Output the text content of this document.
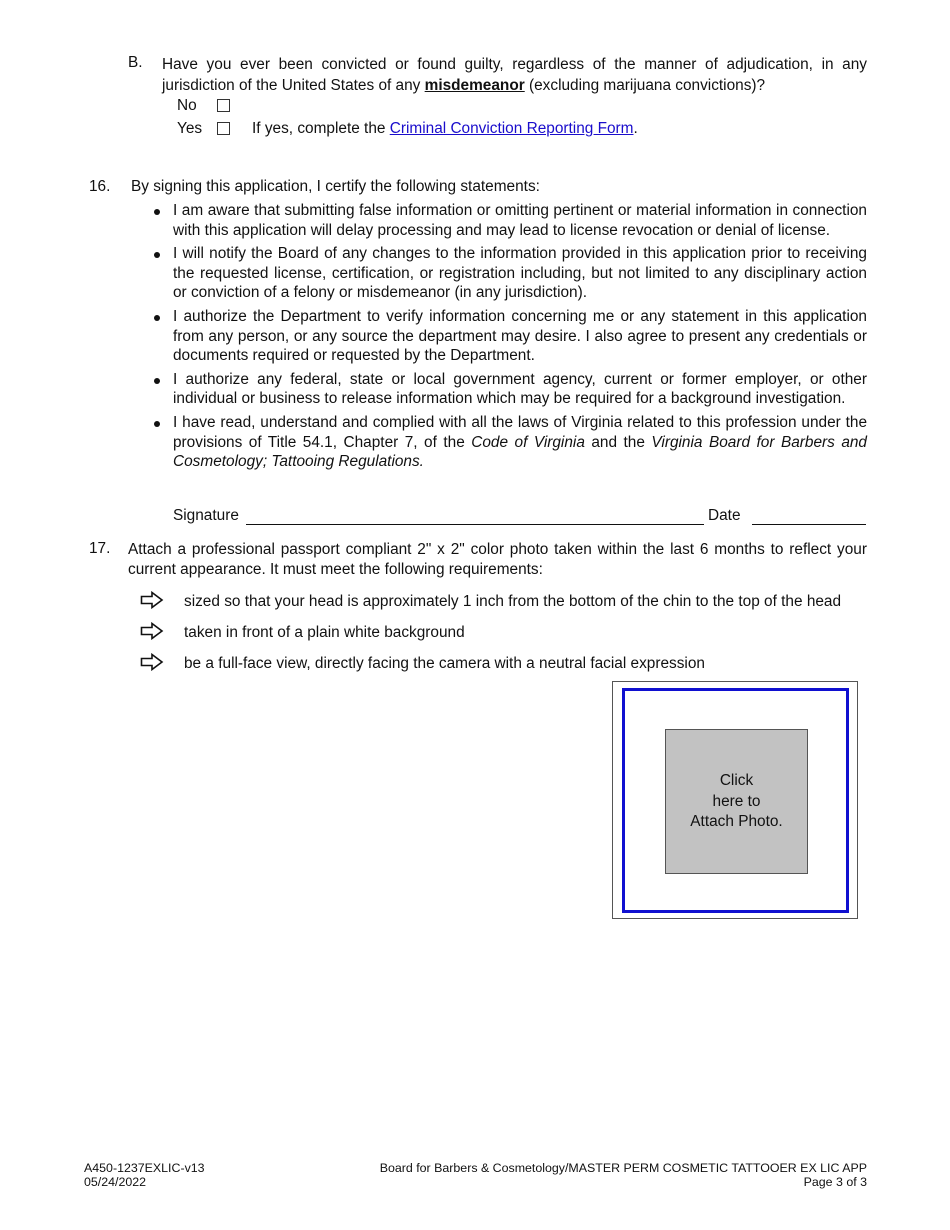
B. Have you ever been convicted or found guilty, regardless of the manner of adjudication, in any jurisdiction of the United States of any misdemeanor (excluding marijuana convictions)?
No
Yes	If yes, complete the Criminal Conviction Reporting Form.
16. By signing this application, I certify the following statements:
I am aware that submitting false information or omitting pertinent or material information in connection with this application will delay processing and may lead to license revocation or denial of license.
I will notify the Board of any changes to the information provided in this application prior to receiving the requested license, certification, or registration including, but not limited to any disciplinary action or conviction of a felony or misdemeanor (in any jurisdiction).
I authorize the Department to verify information concerning me or any statement in this application from any person, or any source the department may desire. I also agree to present any credentials or documents required or requested by the Department.
I authorize any federal, state or local government agency, current or former employer, or other individual or business to release information which may be required for a background investigation.
I have read, understand and complied with all the laws of Virginia related to this profession under the provisions of Title 54.1, Chapter 7, of the Code of Virginia and the Virginia Board for Barbers and Cosmetology; Tattooing Regulations.
Signature	Date
17. Attach a professional passport compliant 2" x 2" color photo taken within the last 6 months to reflect your current appearance. It must meet the following requirements:
sized so that your head is approximately 1 inch from the bottom of the chin to the top of the head
taken in front of a plain white background
be a full-face view, directly facing the camera with a neutral facial expression
Click
here to
Attach Photo.
A450-1237EXLIC-v13
05/24/2022
Board for Barbers & Cosmetology/MASTER PERM COSMETIC TATTOOER EX LIC APP
Page 3 of 3
